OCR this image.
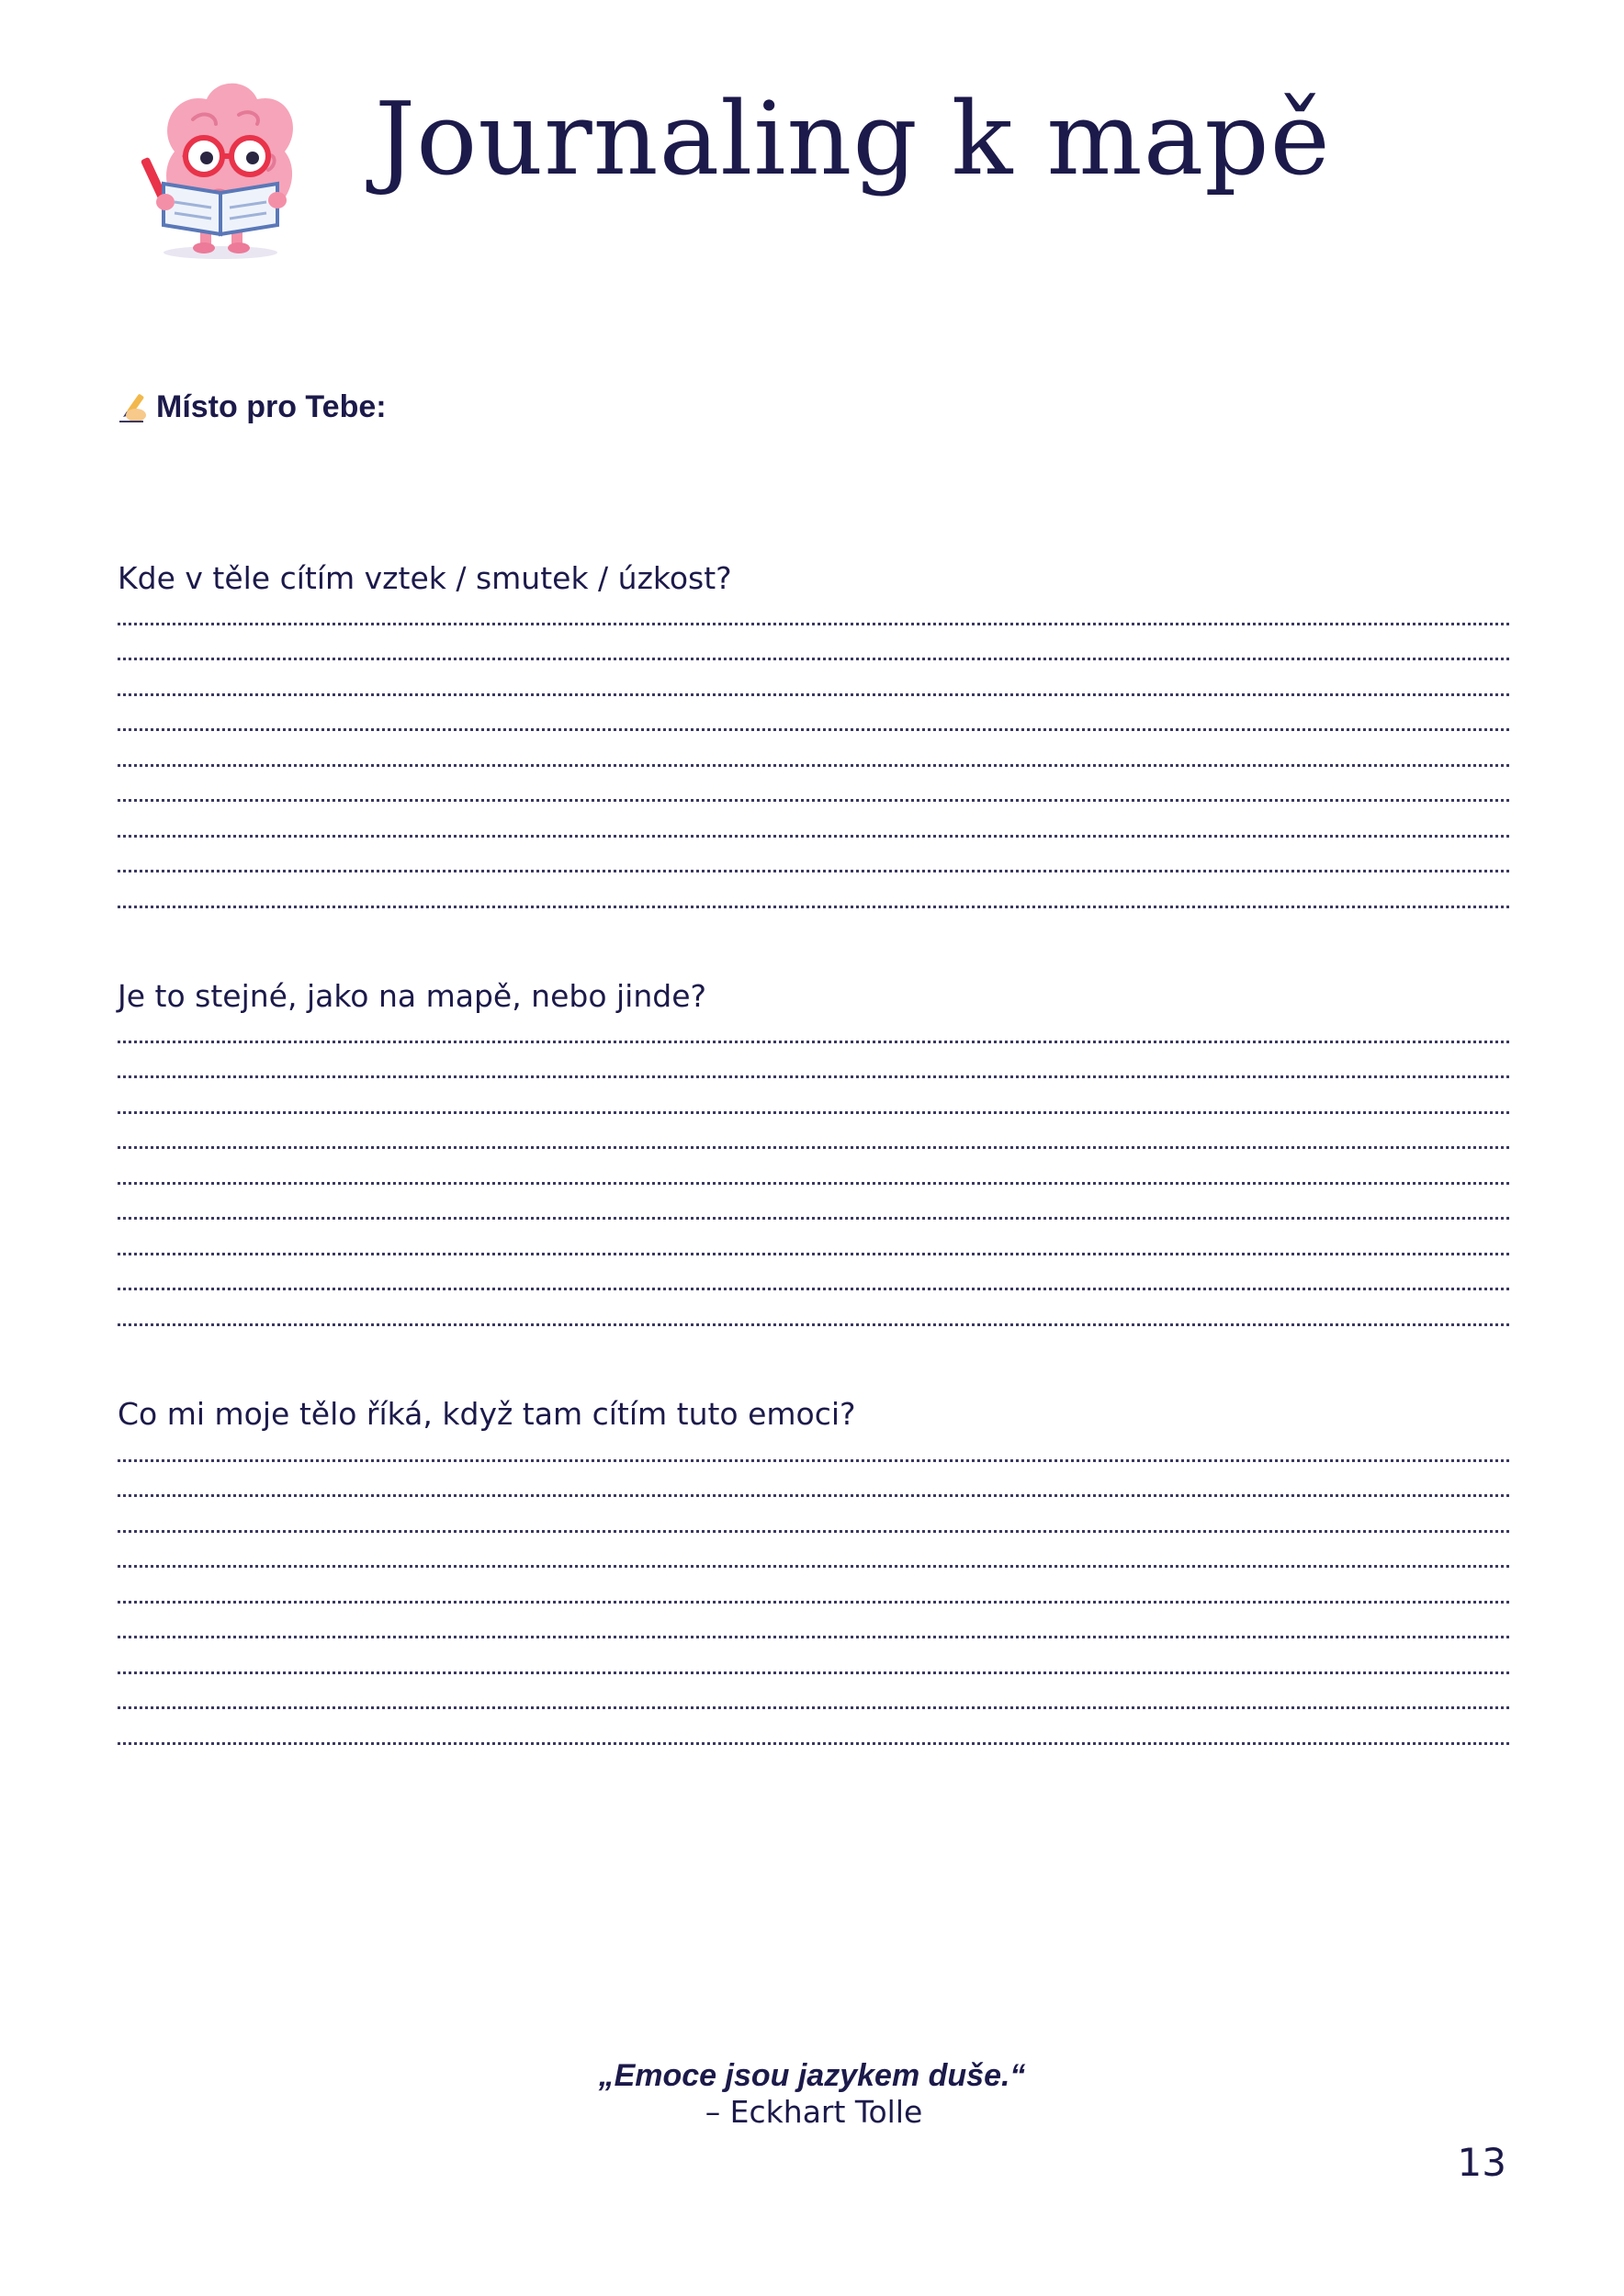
Journaling k mapě
Místo pro Tebe:
Kde v těle cítím vztek / smutek / úzkost?
Je to stejné, jako na mapě, nebo jinde?
Co mi moje tělo říká, když tam cítím tuto emoci?
„Emoce jsou jazykem duše.“
– Eckhart Tolle
13
